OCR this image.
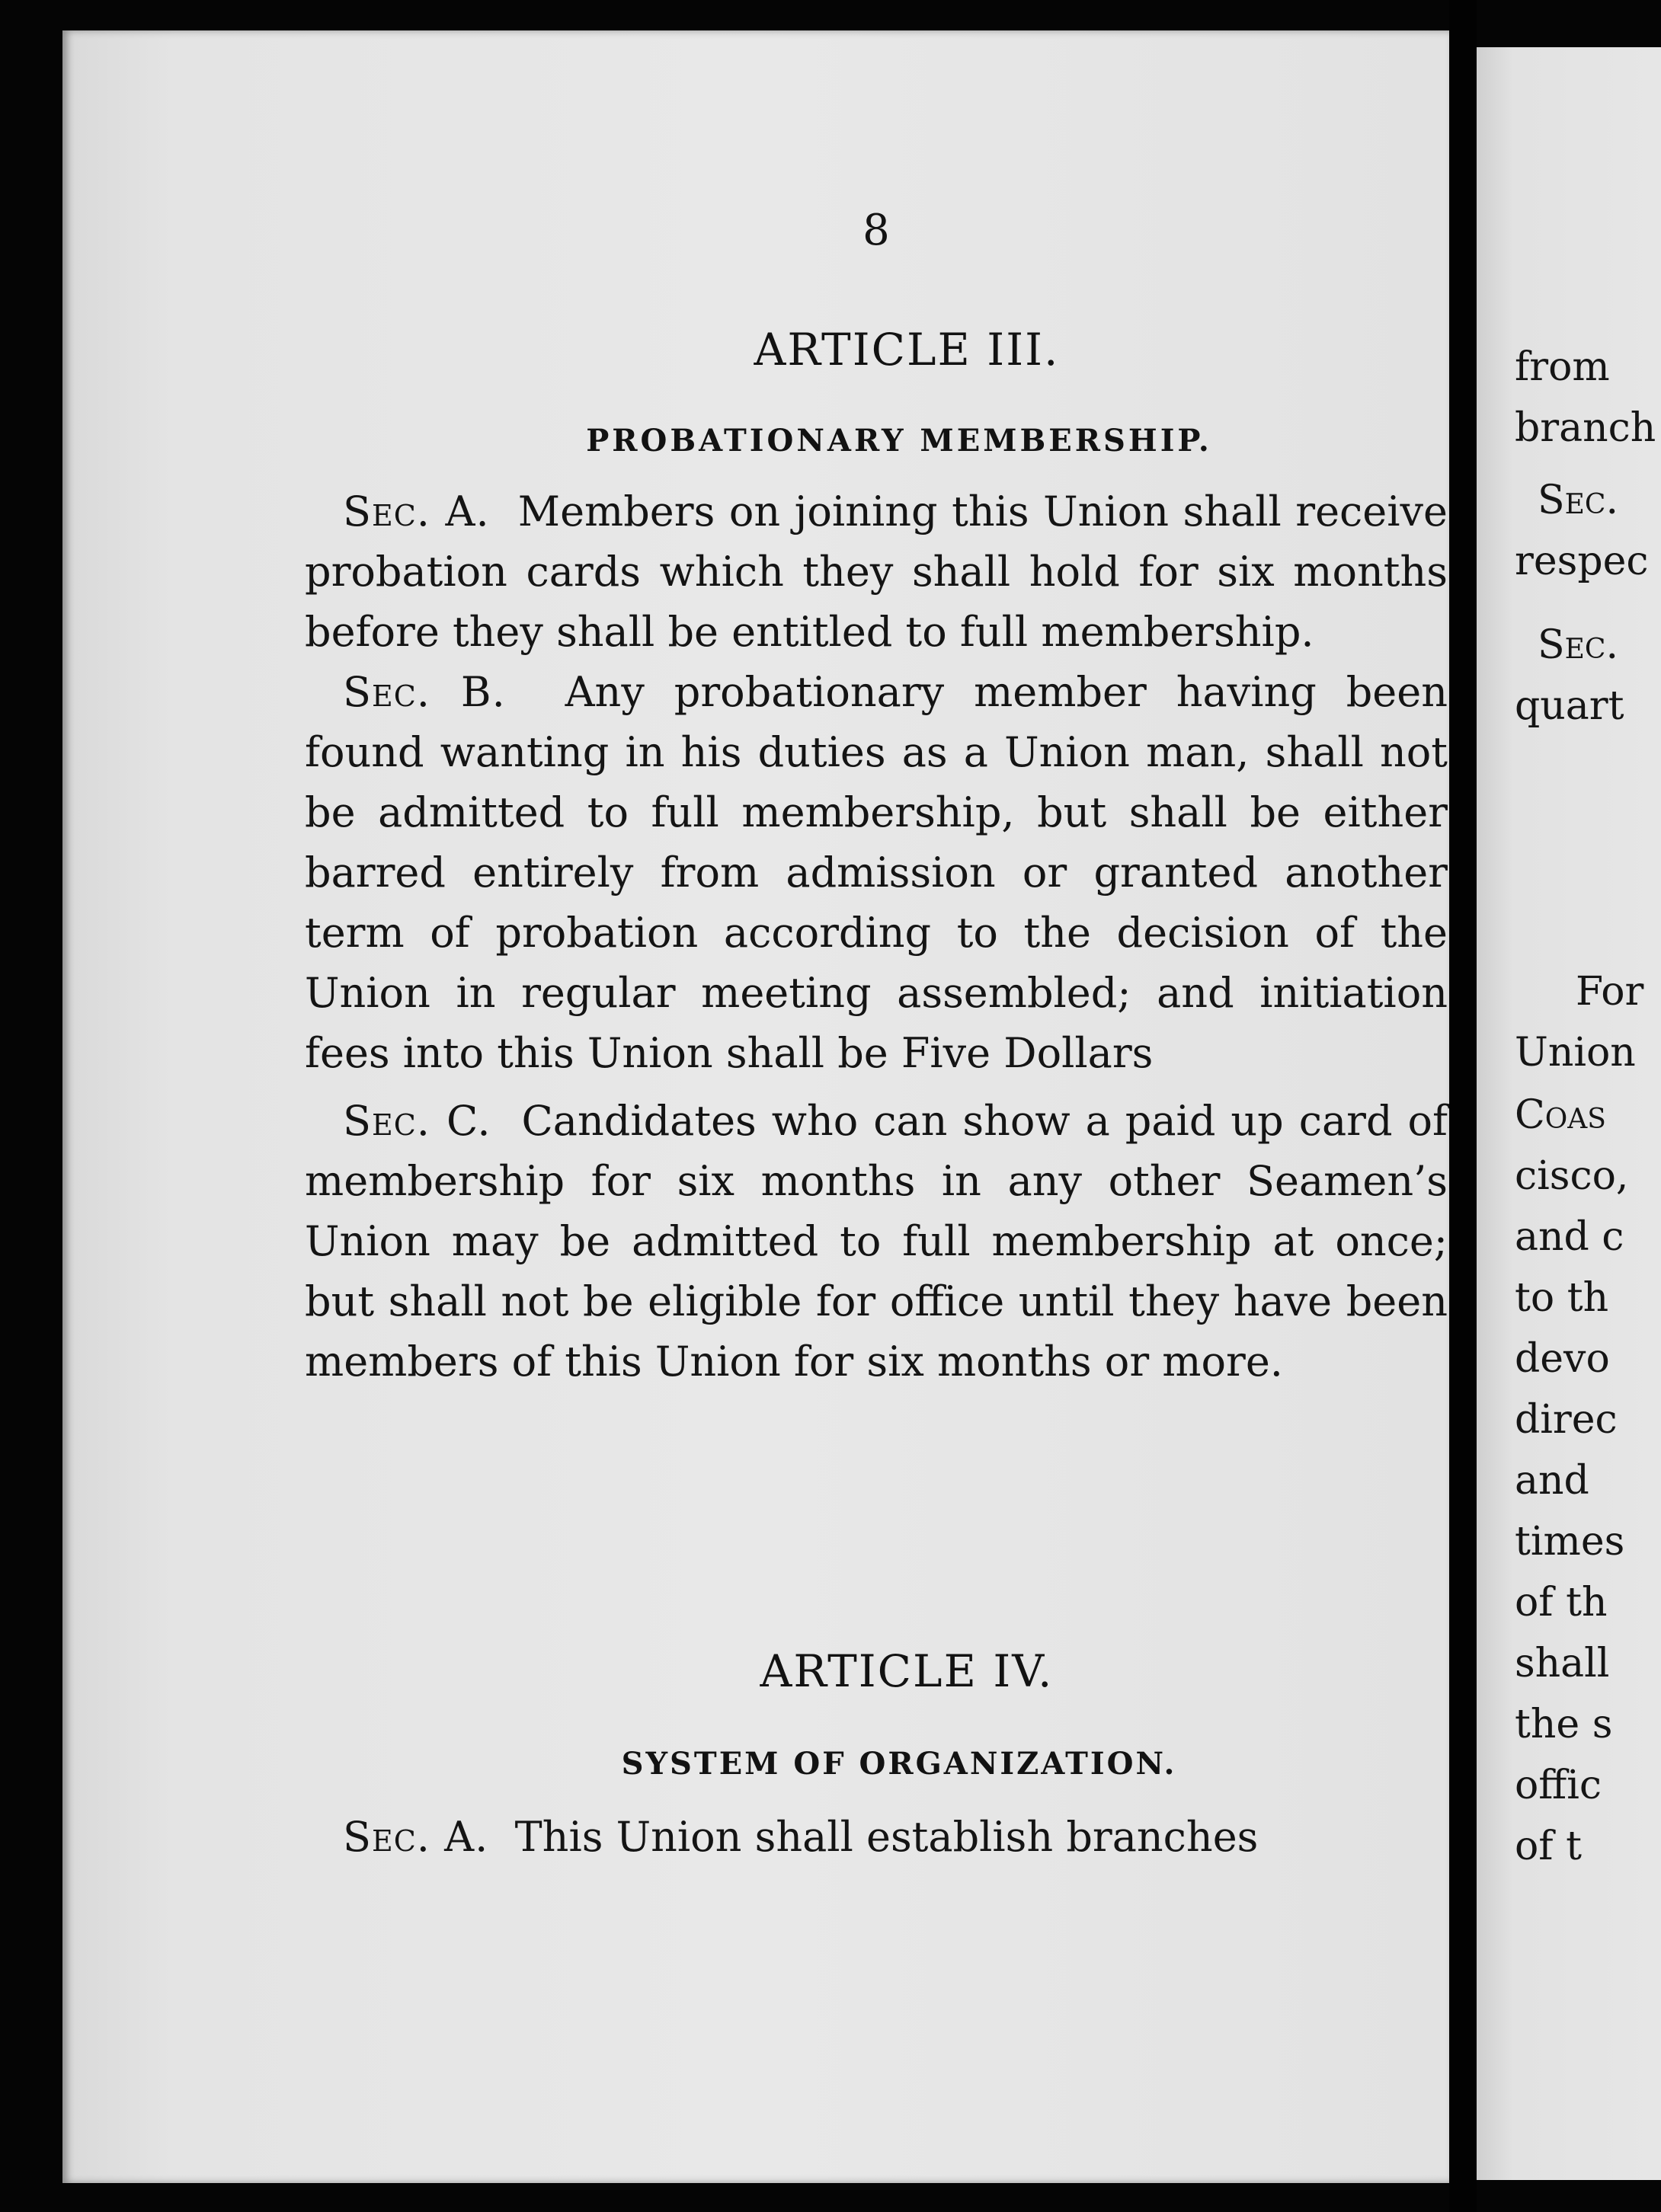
8
ARTICLE III.
PROBATIONARY MEMBERSHIP.

Sec. A. Members on joining this Union shall receive probation cards which they shall hold for six months before they shall be entitled to full membership.

Sec. B. Any probationary member having been found wanting in his duties as a Union man, shall not be admitted to full membership, but shall be either barred entirely from admission or granted another term of probation according to the decision of the Union in regular meeting assembled; and initiation fees into this Union shall be Five Dollars

Sec. C. Candidates who can show a paid up card of membership for six months in any other Seamen’s Union may be admitted to full membership at once; but shall not be eligible for office until they have been members of this Union for six months or more.

ARTICLE IV.
SYSTEM OF ORGANIZATION.

Sec. A. This Union shall establish branches

from
branch
Sec.
respec
Sec.
quart
For
Union
Coas
cisco,
and c
to th
devo
direc
and
times
of th
shall
the s
offic
of t
